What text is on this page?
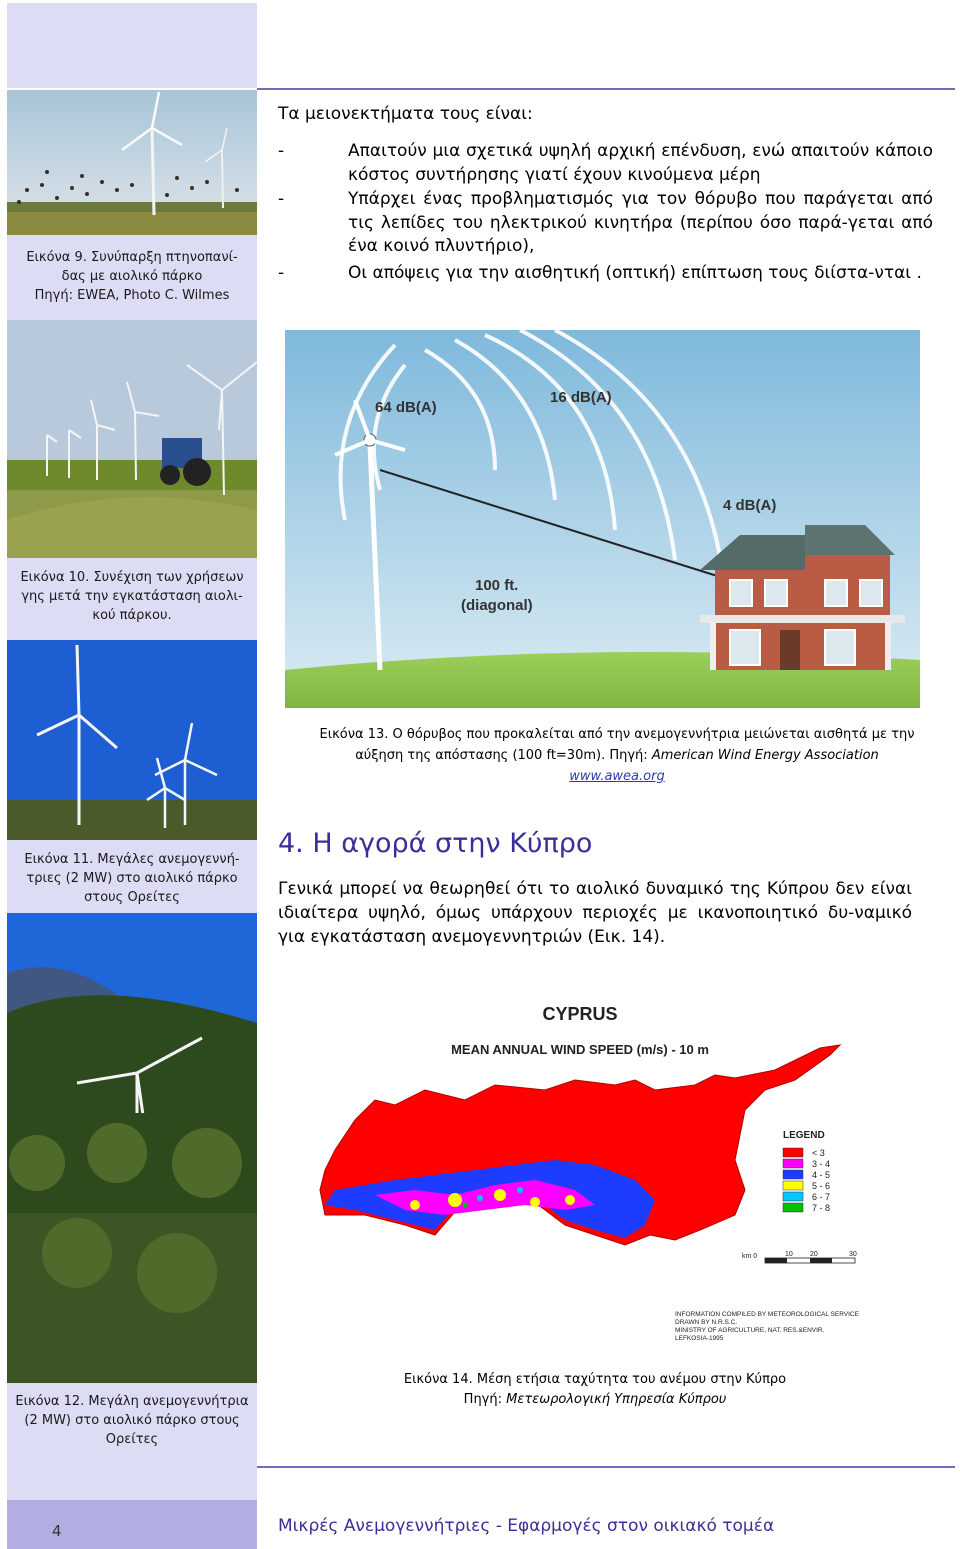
Εικόνα 9. Συνύπαρξη πτηνοπανί-
δας με αιολικό πάρκο
Πηγή: EWEA, Photo C. Wilmes
Εικόνα 10. Συνέχιση των χρήσεων
γης μετά την εγκατάσταση αιολι-
κού πάρκου.
Εικόνα 11. Μεγάλες ανεμογεννή-
τριες (2 MW) στο αιολικό πάρκο
στους Ορείτες
Εικόνα 12. Μεγάλη ανεμογεννήτρια
(2 MW) στο αιολικό πάρκο στους
Ορείτες
Τα μειονεκτήματα τους είναι:
-	Απαιτούν μια σχετικά υψηλή αρχική επένδυση, ενώ απαιτούν κάποιο κόστος συντήρησης γιατί έχουν κινούμενα μέρη
-	Υπάρχει ένας προβληματισμός για τον θόρυβο που παράγεται από τις λεπίδες του ηλεκτρικού κινητήρα (περίπου όσο παρά-γεται από ένα κοινό πλυντήριο),
-	Οι απόψεις για την αισθητική (οπτική) επίπτωση τους διίστα-νται .
64 dB(A)
16 dB(A)
4 dB(A)
100 ft.
(diagonal)
Εικόνα 13. Ο θόρυβος που προκαλείται από την ανεμογεννήτρια μειώνεται αισθητά με την
αύξηση της απόστασης (100 ft=30m). Πηγή: American Wind Energy Association
www.awea.org
4. Η αγορά στην Κύπρο
Γενικά μπορεί να θεωρηθεί ότι το αιολικό δυναμικό της Κύπρου δεν είναι ιδιαίτερα υψηλό, όμως υπάρχουν περιοχές με ικανοποιητικό δυ-ναμικό για εγκατάσταση ανεμογεννητριών (Εικ. 14).
CYPRUS
MEAN ANNUAL WIND SPEED (m/s) - 10 m
LEGEND
< 3
3 - 4
4 - 5
5 - 6
6 - 7
7 - 8
km 0	10 20	30
INFORMATION COMPILED BY METEOROLOGICAL SERVICE
DRAWN BY N.R.S.C.
MINISTRY OF AGRICULTURE, NAT. RES.&ENVIR.
LEFKOSIA-1995
Εικόνα 14. Μέση ετήσια ταχύτητα του ανέμου στην Κύπρο
Πηγή: Μετεωρολογική Υπηρεσία Κύπρου
4	Μικρές Ανεμογεννήτριες - Εφαρμογές στον οικιακό τομέα
